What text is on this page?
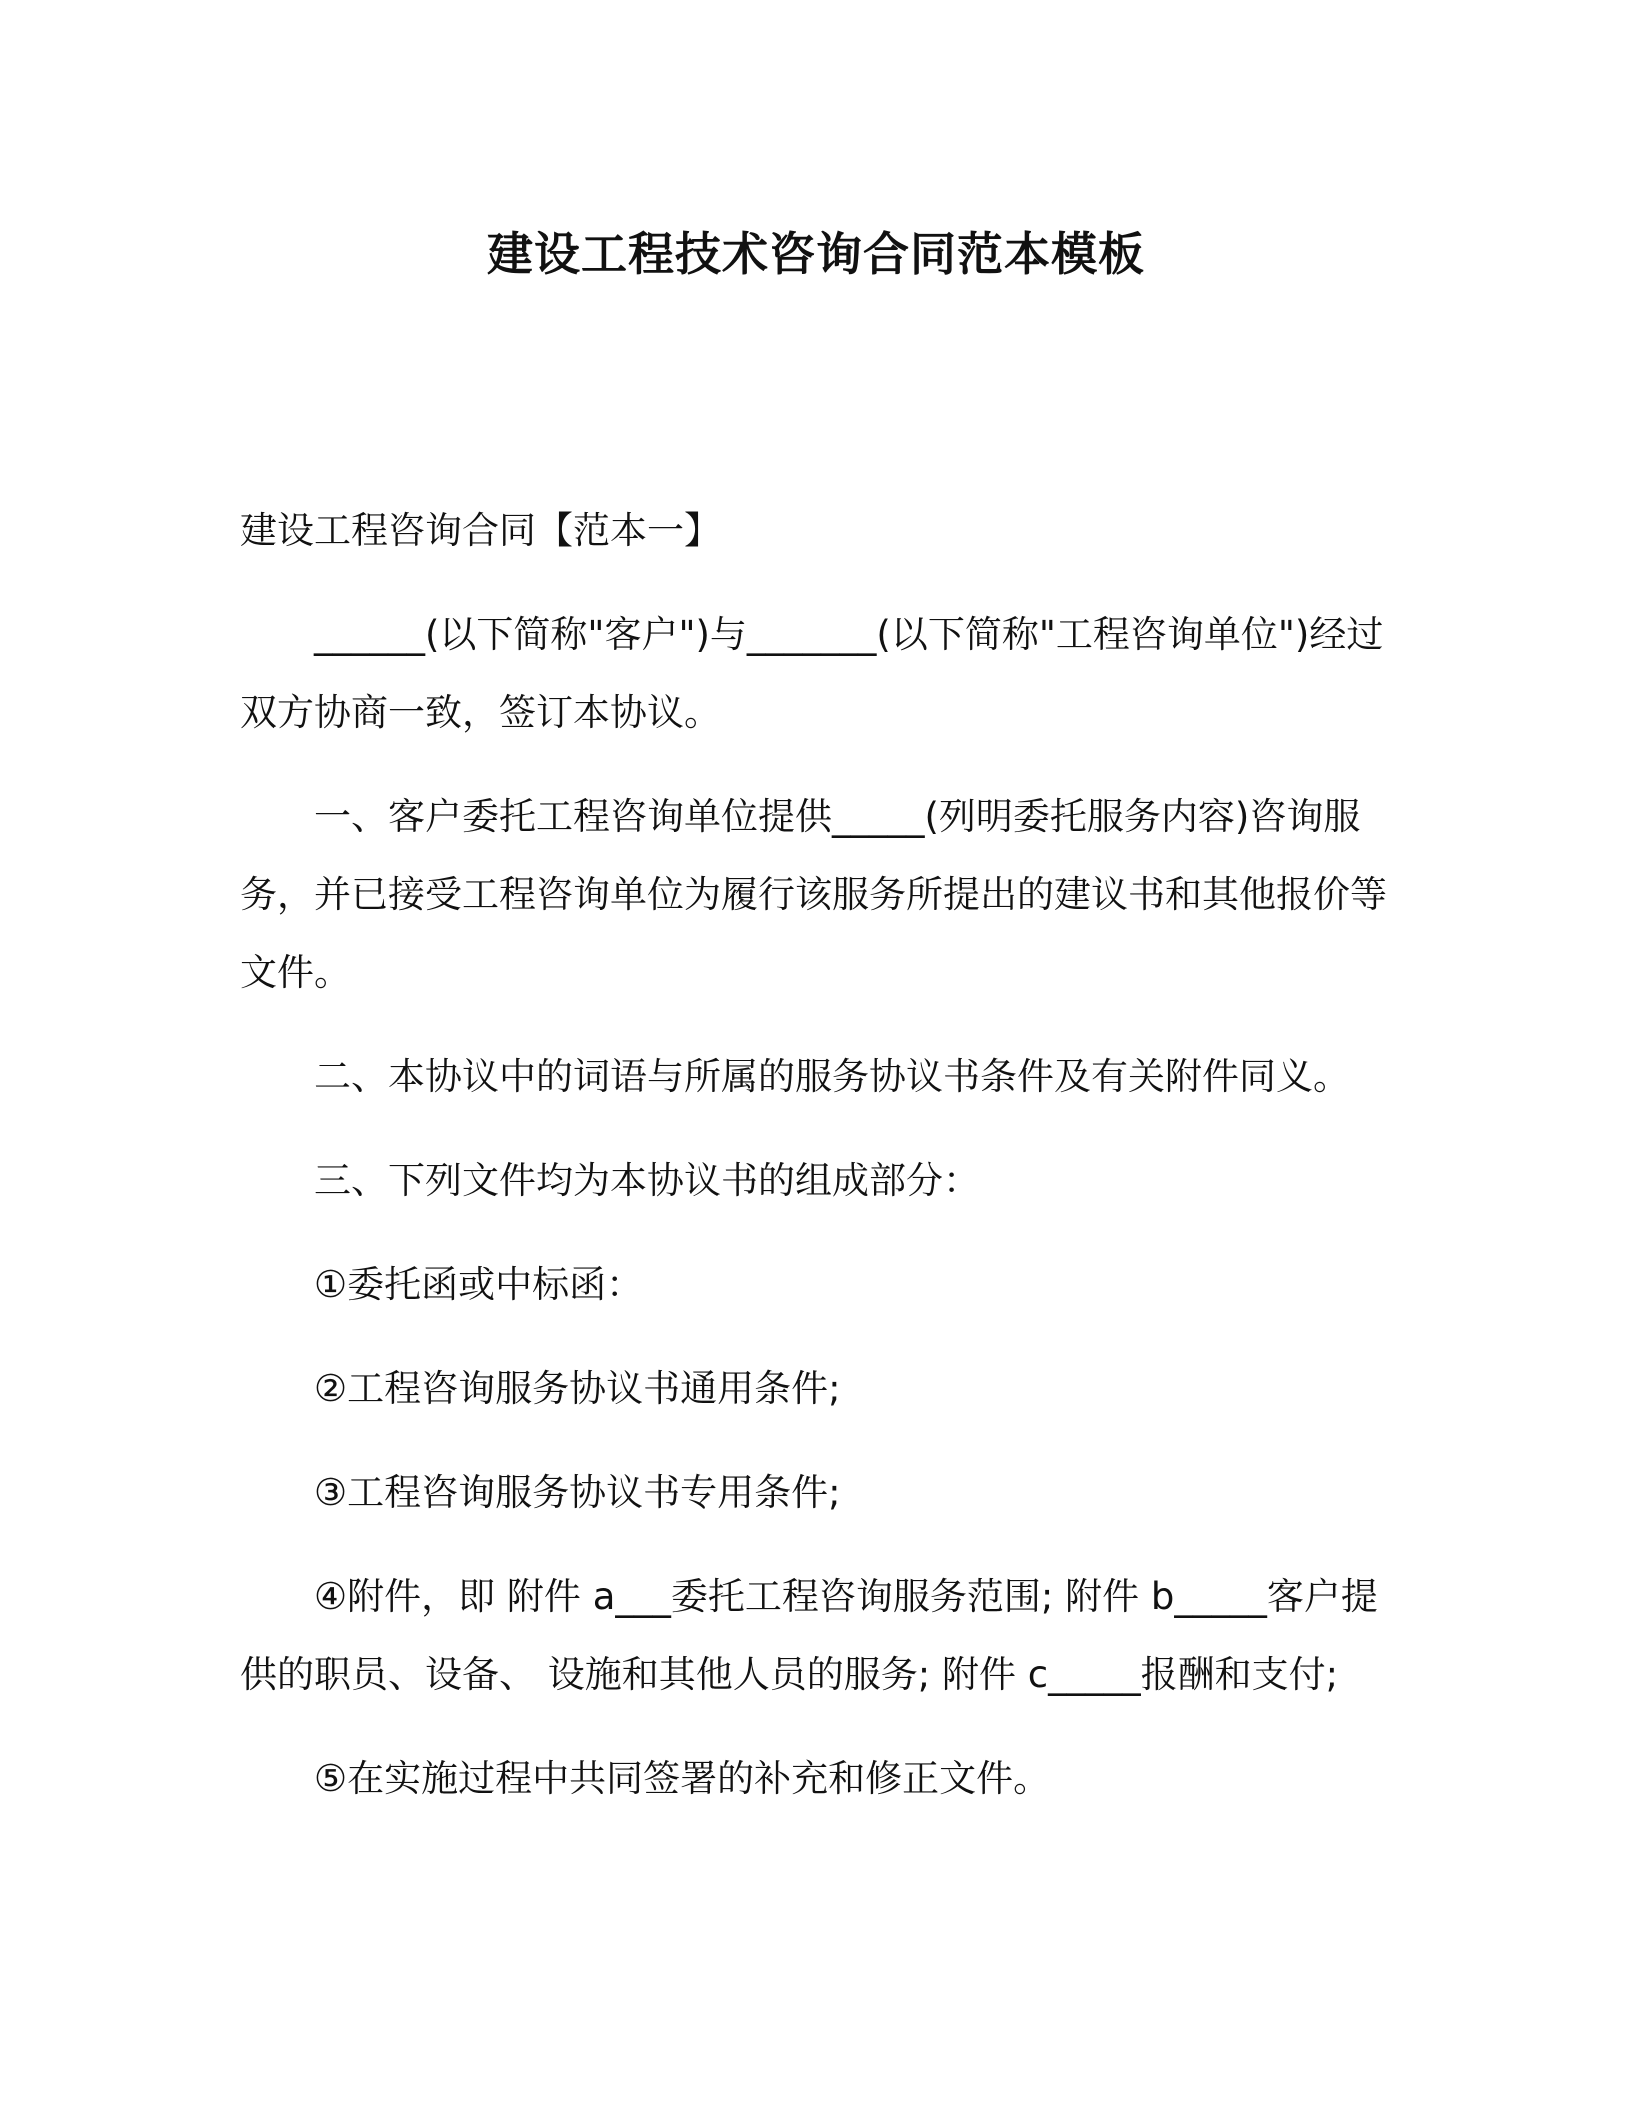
建设工程技术咨询合同范本模板

建设工程咨询合同【范本一】

______(以下简称"客户")与_______(以下简称"工程咨询单位")经过双方协商一致，签订本协议。

一、客户委托工程咨询单位提供_____(列明委托服务内容)咨询服务，并已接受工程咨询单位为履行该服务所提出的建议书和其他报价等文件。

二、本协议中的词语与所属的服务协议书条件及有关附件同义。

三、下列文件均为本协议书的组成部分：

①委托函或中标函：

②工程咨询服务协议书通用条件;

③工程咨询服务协议书专用条件;

④附件，即 附件 a___委托工程咨询服务范围; 附件 b_____客户提供的职员、设备、 设施和其他人员的服务; 附件 c_____报酬和支付;

⑤在实施过程中共同签署的补充和修正文件。
